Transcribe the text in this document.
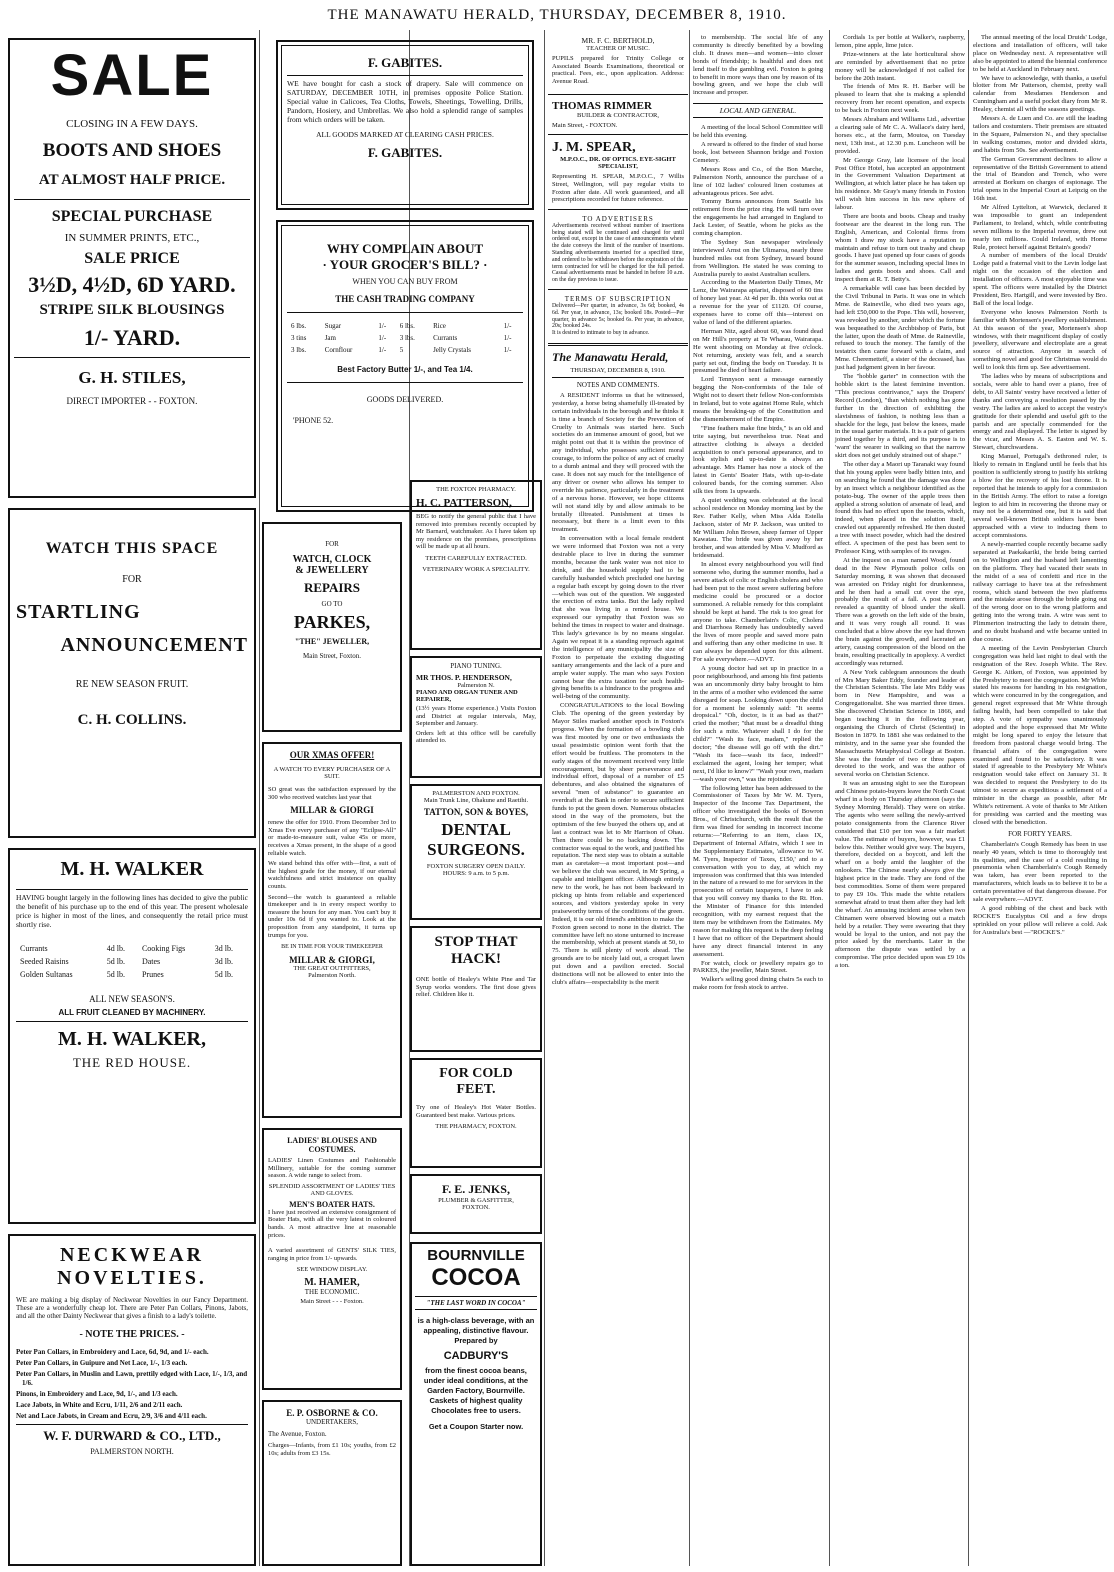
THE MANAWATU HERALD, THURSDAY, DECEMBER 8, 1910.
SALE
CLOSING IN A FEW DAYS.
BOOTS AND SHOES
AT ALMOST HALF PRICE.
SPECIAL PURCHASE
IN SUMMER PRINTS, ETC.,
SALE PRICE
3½D, 4½D, 6D YARD.
STRIPE SILK BLOUSINGS
1/- YARD.
G. H. STILES,
DIRECT IMPORTER - - FOXTON.
WATCH THIS SPACE
FOR
STARTLING
ANNOUNCEMENT
RE NEW SEASON FRUIT.
C. H. COLLINS.
M. H. WALKER
HAVING bought largely in the following lines has decided to give the public the benefit of his purchase up to the end of this year. The present wholesale price is higher in most of the lines, and consequently the retail price must shortly rise.
Currants	4d lb.	Cooking Figs	3d lb.
Seeded Raisins	5d lb.	Dates	3d lb.
Golden Sultanas	5d lb.	Prunes	5d lb.
ALL NEW SEASON'S.
ALL FRUIT CLEANED BY MACHINERY.
M. H. WALKER,
THE RED HOUSE.
NECKWEAR
NOVELTIES.
WE are making a big display of Neckwear Novelties in our Fancy Department. These are a wonderfully cheap lot. There are Peter Pan Collars, Pinons, Jabots, and all the other Dainty Neckwear that gives a finish to a lady's toilette.
- NOTE THE PRICES. -
Peter Pan Collars, in Embroidery and Lace, 6d, 9d, and 1/- each.
Peter Pan Collars, in Guipure and Net Lace, 1/-, 1/3 each.
Peter Pan Collars, in Muslin and Lawn, prettily edged with Lace, 1/-, 1/3, and 1/6.
Pinons, in Embroidery and Lace, 9d, 1/-, and 1/3 each.
Lace Jabots, in White and Ecru, 1/11, 2/6 and 2/11 each.
Net and Lace Jabots, in Cream and Ecru, 2/9, 3/6 and 4/11 each.
W. F. DURWARD & CO., LTD.,
PALMERSTON NORTH.
F. GABITES.
WE have bought for cash a stock of drapery. Sale will commence on SATURDAY, DECEMBER 10TH, in premises opposite Police Station. Special value in Calicoes, Tea Cloths, Towels, Sheetings, Towelling, Drills, Pandorn, Hosiery, and Umbrellas. We also hold a splendid range of samples from which orders will be taken.
ALL GOODS MARKED AT CLEARING CASH PRICES.
F. GABITES.
WHY COMPLAIN ABOUT
· YOUR GROCER'S BILL? ·
WHEN YOU CAN BUY FROM
THE CASH TRADING COMPANY
6 lbs.	Sugar	1/-	6 lbs.	Rice	1/-
3 tins	Jam	1/-	3 lbs.	Currants	1/-
3 lbs.	Cornflour	1/-	5	Jelly Crystals	1/-
Best Factory Butter 1/-, and Tea 1/4.
GOODS DELIVERED.
'PHONE 52.
FOR
WATCH, CLOCK
& JEWELLERY
REPAIRS
GO TO
PARKES,
"THE" JEWELLER,
Main Street, Foxton.
OUR XMAS OFFER!
A WATCH TO EVERY PURCHASER OF A SUIT.
SO great was the satisfaction expressed by the 300 who received watches last year that
MILLAR & GIORGI
renew the offer for 1910. From December 3rd to Xmas Eve every purchaser of any "Ecilpse-All" or made-to-measure suit, value 45s or more, receives a Xmas present, in the shape of a good reliable watch.
We stand behind this offer with—first, a suit of the highest grade for the money, if our eternal watchfulness and strict insistence on quality counts.
Second—the watch is guaranteed a reliable timekeeper and is in every respect worthy to measure the hours for any man. You can't buy it under 10s 6d if you wanted to. Look at the proposition from any standpoint, it turns up trumps for you.
BE IN TIME FOR YOUR TIMEKEEPER
MILLAR & GIORGI,
THE GREAT OUTFITTERS,
Palmerston North.
LADIES' BLOUSES AND COSTUMES.
LADIES' Linen Costumes and Fashionable Millinery, suitable for the coming summer season. A wide range to select from.
SPLENDID ASSORTMENT OF LADIES' TIES AND GLOVES.
MEN'S BOATER HATS.
I have just received an extensive consignment of Boater Hats, with all the very latest in coloured bands. A most attractive line at reasonable prices.
A varied assortment of GENTS' SILK TIES, ranging in price from 1/- upwards.
SEE WINDOW DISPLAY.
M. HAMER,
THE ECONOMIC.
Main Street - - - Foxton.
E. P. OSBORNE & CO.
UNDERTAKERS,
The Avenue, Foxton.
Charges—Infants, from £1 10s; youths, from £2 10s; adults from £3 15s.
THE FOXTON PHARMACY.
H. C. PATTERSON,
BEG to notify the general public that I have removed into premises recently occupied by Mr Barnard, watchmaker. As I have taken up my residence on the premises, prescriptions will be made up at all hours.
TEETH CAREFULLY EXTRACTED.
VETERINARY WORK A SPECIALITY.
PIANO TUNING.
MR THOS. P. HENDERSON,
Palmerston N.
PIANO AND ORGAN TUNER AND REPAIRER,
(13½ years Home experience.) Visits Foxton and District at regular intervals, May, September and January.
Orders left at this office will be carefully attended to.
PALMERSTON AND FOXTON.
Main Trunk Line, Ohakune and Raetihi.
TATTON, SON & BOYES,
DENTAL
SURGEONS.
FOXTON SURGERY OPEN DAILY.
HOURS: 9 a.m. to 5 p.m.
STOP THAT
HACK!
ONE bottle of Healey's White Pine and Tar Syrup works wonders. The first dose gives relief. Children like it.
FOR COLD
FEET.
Try one of Healey's Hot Water Bottles. Guaranteed best make. Various prices.
THE PHARMACY, FOXTON.
F. E. JENKS,
PLUMBER & GASFITTER,
FOXTON.
BOURNVILLE
COCOA
"THE LAST WORD IN COCOA"
is a high-class beverage, with an appealing, distinctive flavour. Prepared by
CADBURY'S
from the finest cocoa beans, under ideal conditions, at the Garden Factory, Bournville. Caskets of highest quality Chocolates free to users.
Get a Coupon Starter now.
MR. F. C. BERTHOLD,
TEACHER OF MUSIC.
PUPILS prepared for Trinity College or Associated Boards Examinations, theoretical or practical. Fees, etc., upon application. Address: Avenue Road.
THOMAS RIMMER
BUILDER & CONTRACTOR,
Main Street, - FOXTON.
J. M. SPEAR,
M.P.O.C., DR. OF OPTICS. EYE-SIGHT SPECIALIST,
Representing H. SPEAR, M.P.O.C., 7 Willis Street, Wellington, will pay regular visits to Foxton after date. All work guaranteed, and all prescriptions recorded for future reference.
TO ADVERTISERS
Advertisements received without number of insertions being stated will be continued and charged for until ordered out, except in the case of announcements where the date conveys the limit of the number of insertions. Standing advertisements inserted for a specified time, and ordered to be withdrawn before the expiration of the term contracted for will be charged for the full period. Casual advertisements must be handed in before 10 a.m. on the day previous to issue.
TERMS OF SUBSCRIPTION
Delivered—Per quarter, in advance, 3s 6d; booked, 4s 6d. Per year, in advance, 13s; booked 18s. Posted—Per quarter, in advance 5s; booked 6s. Per year, in advance, 20s; booked 24s.
It is desired to intimate to buy in advance.
The Manawatu Herald,
THURSDAY, DECEMBER 8, 1910.
NOTES AND COMMENTS.

A RESIDENT informs us that he witnessed, yesterday, a horse being shamefully ill-treated by certain individuals in the borough and he thinks it is time a branch of Society for the Prevention of Cruelty to Animals was started here. Such societies do an immense amount of good, but we might point out that it is within the province of any individual, who possesses sufficient moral courage, to inform the police of any act of cruelty to a dumb animal and they will proceed with the case. It does not say much for the intelligence of any driver or owner who allows his temper to override his patience, particularly in the treatment of a nervous horse. However, we hope citizens will not stand idly by and allow animals to be brutally illtreated. Punishment at times is necessary, but there is a limit even to this treatment.

In conversation with a local female resident we were informed that Foxton was not a very desirable place to live in during the summer months, because the tank water was not nice to drink, and the household supply had to be carefully husbanded which precluded one having a regular bath except by going down to the river—which was out of the question. We suggested the erection of extra tanks. But the lady replied that she was living in a rented house. We expressed our sympathy that Foxton was so behind the times in respect to water and drainage. This lady's grievance is by no means singular. Again we repeat it is a standing reproach against the intelligence of any municipality the size of Foxton to perpetuate the existing disgusting sanitary arrangements and the lack of a pure and ample water supply. The man who says Foxton cannot bear the extra taxation for such health-giving benefits is a hindrance to the progress and well-being of the community.

CONGRATULATIONS to the local Bowling Club. The opening of the green yesterday by Mayor Stiles marked another epoch in Foxton's progress. When the formation of a bowling club was first mooted by one or two enthusiasts the usual pessimistic opinion went forth that the effort would be fruitless. The promoters in the early stages of the movement received very little encouragement, but by sheer perseverance and individual effort, disposal of a number of £5 debentures, and also obtained the signatures of several "men of substance" to guarantee an overdraft at the Bank in order to secure sufficient funds to put the green down. Numerous obstacles stood in the way of the promoters, but the optimism of the few buoyed the others up, and at last a contract was let to Mr Harrison of Ohau. Then there could be no backing down. The contractor was equal to the work, and justified his reputation. The next step was to obtain a suitable man as caretaker—a most important post—and we believe the club was secured, in Mr Spring, a capable and intelligent officer. Although entirely new to the work, he has not been backward in picking up hints from reliable and experienced sources, and visitors yesterday spoke in very praiseworthy terms of the conditions of the green. Indeed, it is our old friend's ambition to make the Foxton green second to none in the district. The committee have left no stone unturned to increase the membership, which at present stands at 50, to 75. There is still plenty of work ahead. The grounds are to be nicely laid out, a croquet lawn put down and a pavilion erected. Social distinctions will not be allowed to enter into the club's affairs—respectability is the merit

to membership. The social life of any community is directly benefited by a bowling club. It draws men—and women—into closer bonds of friendship; is healthful and does not lend itself to the gambling evil. Foxton is going to benefit in more ways than one by reason of its bowling green, and we hope the club will increase and prosper.

LOCAL AND GENERAL.

A meeting of the local School Committee will be held this evening.

A reward is offered to the finder of stud horse book, lost between Shannon bridge and Foxton Cemetery.

Messrs Ross and Co., of the Bon Marche, Palmerston North, announce the purchase of a line of 102 ladies' coloured linen costumes at advantageous prices. See advt.

Tommy Burns announces from Seattle his retirement from the prize ring. He will turn over the engagements he had arranged in England to Jack Lester, of Seattle, whom he picks as the coming champion.

The Sydney Sun newspaper wirelessly interviewed Arnst on the Ulimaroa, nearly three hundred miles out from Sydney, inward bound from Wellington. He stated he was coming to Australia purely to assist Australian scullers.

According to the Masterton Daily Times, Mr Lenz, the Wairarapa apiarist, disposed of 60 tins of honey last year. At 4d per lb. this works out at a revenue for the year of £1120. Of course, expenses have to come off this—interest on value of land of the different apiaries.

Herman Nitz, aged about 60, was found dead on Mr Hill's property at Te Wharau, Wairarapa. He went shooting on Monday at five o'clock. Not returning, anxiety was felt, and a search party set out, finding the body on Tuesday. It is presumed he died of heart failure.

Lord Tennyson sent a message earnestly begging the Non-conformists of the Isle of Wight not to desert their fellow Non-conformists in Ireland, but to vote against Home Rule, which means the breaking-up of the Constitution and the dismemberment of the Empire.

"Fine feathers make fine birds," is an old and trite saying, but nevertheless true. Neat and attractive clothing is always a decided acquisition to one's personal appearance, and to look stylish and up-to-date is always an advantage. Mrs Hamer has now a stock of the latest in Gents' Boater Hats, with up-to-date coloured bands, for the coming summer. Also silk ties from 1s upwards.

A quiet wedding was celebrated at the local school residence on Monday morning last by the Rev. Father Kelly, when Miss Alda Estella Jackson, sister of Mr P. Jackson, was united to Mr William John Brown, sheep farmer of Upper Kawatau. The bride was given away by her brother, and was attended by Miss V. Mudford as bridesmaid.

In almost every neighbourhood you will find someone who, during the summer months, had a severe attack of colic or English cholera and who had been put to the most severe suffering before medicine could be procured or a doctor summoned. A reliable remedy for this complaint should be kept at hand. The risk is too great for anyone to take. Chamberlain's Colic, Cholera and Diarrhoea Remedy has undoubtedly saved the lives of more people and saved more pain and suffering than any other medicine in use. It can always be depended upon for this ailment. For sale everywhere.—ADVT.

A young doctor had set up in practice in a poor neighbourhood, and among his first patients was an uncommonly dirty baby brought to him in the arms of a mother who evidenced the same disregard for soap. Looking down upon the child for a moment he solemnly said: "It seems dropsical." "Oh, doctor, is it as bad as that?" cried the mother; "that must be a dreadful thing for such a mite. Whatever shall I do for the child?" "Wash its face, madam," replied the doctor; "the disease will go off with the dirt." "Wash its face—wash its face, indeed!" exclaimed the agent, losing her temper; what next, I'd like to know?" "Wash your own, madam—wash your own," was the rejoinder.

The following letter has been addressed to the Commissioner of Taxes by Mr W. M. Tyers, Inspector of the Income Tax Department, the officer who investigated the books of Bowron Bros., of Christchurch, with the result that the firm was fined for sending in incorrect income returns:—"Referring to an item, class IX, Department of Internal Affairs, which I see in the Supplementary Estimates, 'allowance to W. M. Tyers, Inspector of Taxes, £150,' and to a conversation with you to day, at which my impression was confirmed that this was intended in the nature of a reward to me for services in the prosecution of certain taxpayers, I have to ask that you will convey my thanks to the Rt. Hon. the Minister of Finance for this intended recognition, with my earnest request that the item may be withdrawn from the Estimates. My reason for making this request is the deep feeling I have that no officer of the Department should have any direct financial interest in any assessment.

For watch, clock or jewellery repairs go to PARKES, the jeweller, Main Street.

Walker's selling good dining chairs 5s each to make room for fresh stock to arrive.

Cordials 1s per bottle at Walker's, raspberry, lemon, pine apple, lime juice.

Prize-winners at the late horticultural show are reminded by advertisement that no prize money will be acknowledged if not called for before the 20th instant.

The friends of Mrs R. H. Barber will be pleased to learn that she is making a splendid recovery from her recent operation, and expects to be back in Foxton next week.

Messrs Abraham and Williams Ltd., advertise a clearing sale of Mr C. A. Wallace's dairy herd, horses etc., at the farm, Moutoa, on Tuesday next, 13th inst., at 12.30 p.m. Luncheon will be provided.

Mr George Gray, late licensee of the local Post Office Hotel, has accepted an appointment in the Government Valuation Department at Wellington, at which latter place he has taken up his residence. Mr Gray's many friends in Foxton will wish him success in his new sphere of labour.

There are boots and boots. Cheap and trashy footwear are the dearest in the long run. The English, American, and Colonial firms from whom I draw my stock have a reputation to maintain and refuse to turn out trashy and cheap goods. I have just opened up four cases of goods for the summer season, including special lines in ladies and gents boots and shoes. Call and inspect them at R. T. Betty's.

A remarkable will case has been decided by the Civil Tribunal in Paris. It was one in which Mme. de Raineville, who died two years ago, had left £50,000 to the Pope. This will, however, was revoked by another, under which the fortune was bequeathed to the Archbishop of Paris, but the latter, upon the death of Mme. de Raineville, refused to touch the money. The family of the testatrix then came forward with a claim, and Mme. Cheremetteff, a sister of the deceased, has just had judgment given in her favour.

The "hobble garter" in connection with the hobble skirt is the latest feminine invention. "This precious contrivance," says the Drapers' Record (London), "than which nothing has gone further in the direction of exhibiting the slavishness of fashion, is nothing less than a shackle for the legs, just below the knees, made in the usual garter materials. It is a pair of garters joined together by a third, and its purpose is to 'warn' the wearer in walking so that the narrow skirt does not get unduly strained out of shape."

The other day a Maori up Taranaki way found that his young apples were badly bitten into, and on searching he found that the damage was done by an insect which a neighbour identified as the potato-bug. The owner of the apple trees then applied a strong solution of arsenate of lead, and found this had no effect upon the insects, which, indeed, when placed in the solution itself, crawled out apparently refreshed. He then dusted a tree with insect powder, which had the desired effect. A specimen of the pest has been sent to Professor King, with samples of its ravages.

At the inquest on a man named Wood, found dead in the New Plymouth police cells on Saturday morning, it was shown that deceased was arrested on Friday night for drunkenness, and he then had a small cut over the eye, probably the result of a fall. A post mortem revealed a quantity of blood under the skull. There was a growth on the left side of the brain, and it was very rough all round. It was concluded that a blow above the eye had thrown the brain against the growth, and lacerated an artery, causing compression of the blood on the brain, resulting practically in apoplexy. A verdict accordingly was returned.

A New York cablegram announces the death of Mrs Mary Baker Eddy, founder and leader of the Christian Scientists. The late Mrs Eddy was born in New Hampshire, and was a Congregationalist. She was married three times. She discovered Christian Science in 1866, and began teaching it in the following year, organising the Church of Christ (Scientist) in Boston in 1879. In 1881 she was ordained to the ministry, and in the same year she founded the Massachusetts Metaphysical College at Boston. She was the founder of two or three papers devoted to the work, and was the author of several works on Christian Science.

It was an amusing sight to see the European and Chinese potato-buyers leave the North Coast wharf in a body on Thursday afternoon (says the Sydney Morning Herald). They were on strike. The agents who were selling the newly-arrived potato consignments from the Clarence River considered that £10 per ton was a fair market value. The estimate of buyers, however, was £1 below this. Neither would give way. The buyers, therefore, decided on a boycott, and left the wharf on a body amid the laughter of the onlookers. The Chinese nearly always give the highest price in the trade. They are fond of the best commodities. Some of them were prepared to pay £9 10s. This made the white retailers somewhat afraid to trust them after they had left the wharf. An amusing incident arose when two Chinamen were observed blowing out a match held by a retailer. They were swearing that they would be loyal to the union, and not pay the price asked by the merchants. Later in the afternoon the dispute was settled by a compromise. The price decided upon was £9 10s a ton.

The annual meeting of the local Druids' Lodge, elections and installation of officers, will take place on Wednesday next. A representative will also be appointed to attend the biennial conference to be held at Auckland in February next.

We have to acknowledge, with thanks, a useful blotter from Mr Patterson, chemist, pretty wall calendar from Mesdames Henderson and Cunningham and a useful pocket diary from Mr R. Healey, chemist all with the seasons greetings.

Messrs A. de Luen and Co. are still the leading tailors and costumiers. Their premises are situated in the Square, Palmerston N., and they specialise in walking costumes, motor and divided skirts, and habits from 50s. See advertisement.

The German Government declines to allow a representative of the British Government to attend the trial of Brandon and Trench, who were arrested at Borkum on charges of espionage. The trial opens in the Imperial Court at Leipzig on the 16th inst.

Mr Alfred Lyttelton, at Warwick, declared it was impossible to grant an independent Parliament, to Ireland, which, while contributing seven millions to the Imperial revenue, drew out nearly ten millions. Could Ireland, with Home Rule, protect herself against Britain's goods?

A number of members of the local Druids' Lodge paid a fraternal visit to the Levin lodge last night on the occasion of the election and installation of officers. A most enjoyable time was spent. The officers were installed by the District President, Bro. Hartgill, and were invested by Bro. Ball of the local lodge.

Everyone who knows Palmerston North is familiar with Mortensen's jewellery establishment. At this season of the year, Mortensen's shop windows, with their magnificent display of costly jewellery, silverware and electroplate are a great source of attraction. Anyone in search of something novel and good for Christmas would do well to look this firm up. See advertisement.

The ladies who by means of subscriptions and socials, were able to hand over a piano, free of debt, to All Saints' vestry have received a letter of thanks and conveying a resolution passed by the vestry. The ladies are asked to accept the vestry's gratitude for their splendid and useful gift to the parish and are specially commended for the energy and zeal displayed. The letter is signed by the vicar, and Messrs A. S. Easton and W. S. Stewart, churchwardens.

King Manuel, Portugal's dethroned ruler, is likely to remain in England until he feels that his position is sufficiently strong to justify his striking a blow for the recovery of his lost throne. It is reported that he intends to apply for a commission in the British Army. The effort to raise a foreign legion to aid him in recovering the throne may or may not be a determined one, but it is said that several well-known British soldiers have been approached with a view to inducing them to accept commissions.

A newly-married couple recently became sadly separated at Paekakariki, the bride being carried on to Wellington and the husband left lamenting on the platform. They had vacated their seats in the midst of a sea of confetti and rice in the railway carriage to have tea at the refreshment rooms, which stand between the two platforms and the mistake arose through the bride going out of the wrong door on to the wrong platform and getting into the wrong train. A wire was sent to Plimmerton instructing the lady to detrain there, and no doubt husband and wife became united in due course.

A meeting of the Levin Presbyterian Church congregation was held last night to deal with the resignation of the Rev. Joseph White. The Rev. George K. Aitken, of Foxton, was appointed by the Presbytery to meet the congregation. Mr White stated his reasons for handing in his resignation, which were concurred in by the congregation, and general regret expressed that Mr White through failing health, had been compelled to take that step. A vote of sympathy was unanimously adopted and the hope expressed that Mr White might be long spared to enjoy the leisure that freedom from pastoral charge would bring. The financial affairs of the congregation were examined and found to be satisfactory. It was stated if agreeable to the Presbytery Mr White's resignation would take effect on January 31. It was decided to request the Presbytery to do its utmost to secure as expeditious a settlement of a minister in the charge as possible, after Mr White's retirement. A vote of thanks to Mr Aitken for presiding was carried and the meeting was closed with the benediction.

FOR FORTY YEARS.

Chamberlain's Cough Remedy has been in use nearly 40 years, which is time to thoroughly test its qualities, and the case of a cold resulting in pneumonia when Chamberlain's Cough Remedy was taken, has ever been reported to the manufacturers, which leads us to believe it to be a certain preventative of that dangerous disease. For sale everywhere.—ADVT.

A good rubbing of the chest and back with ROCKE'S Eucalyptus Oil and a few drops sprinkled on your pillow will relieve a cold. Ask for Australia's best —"ROCKE'S."
